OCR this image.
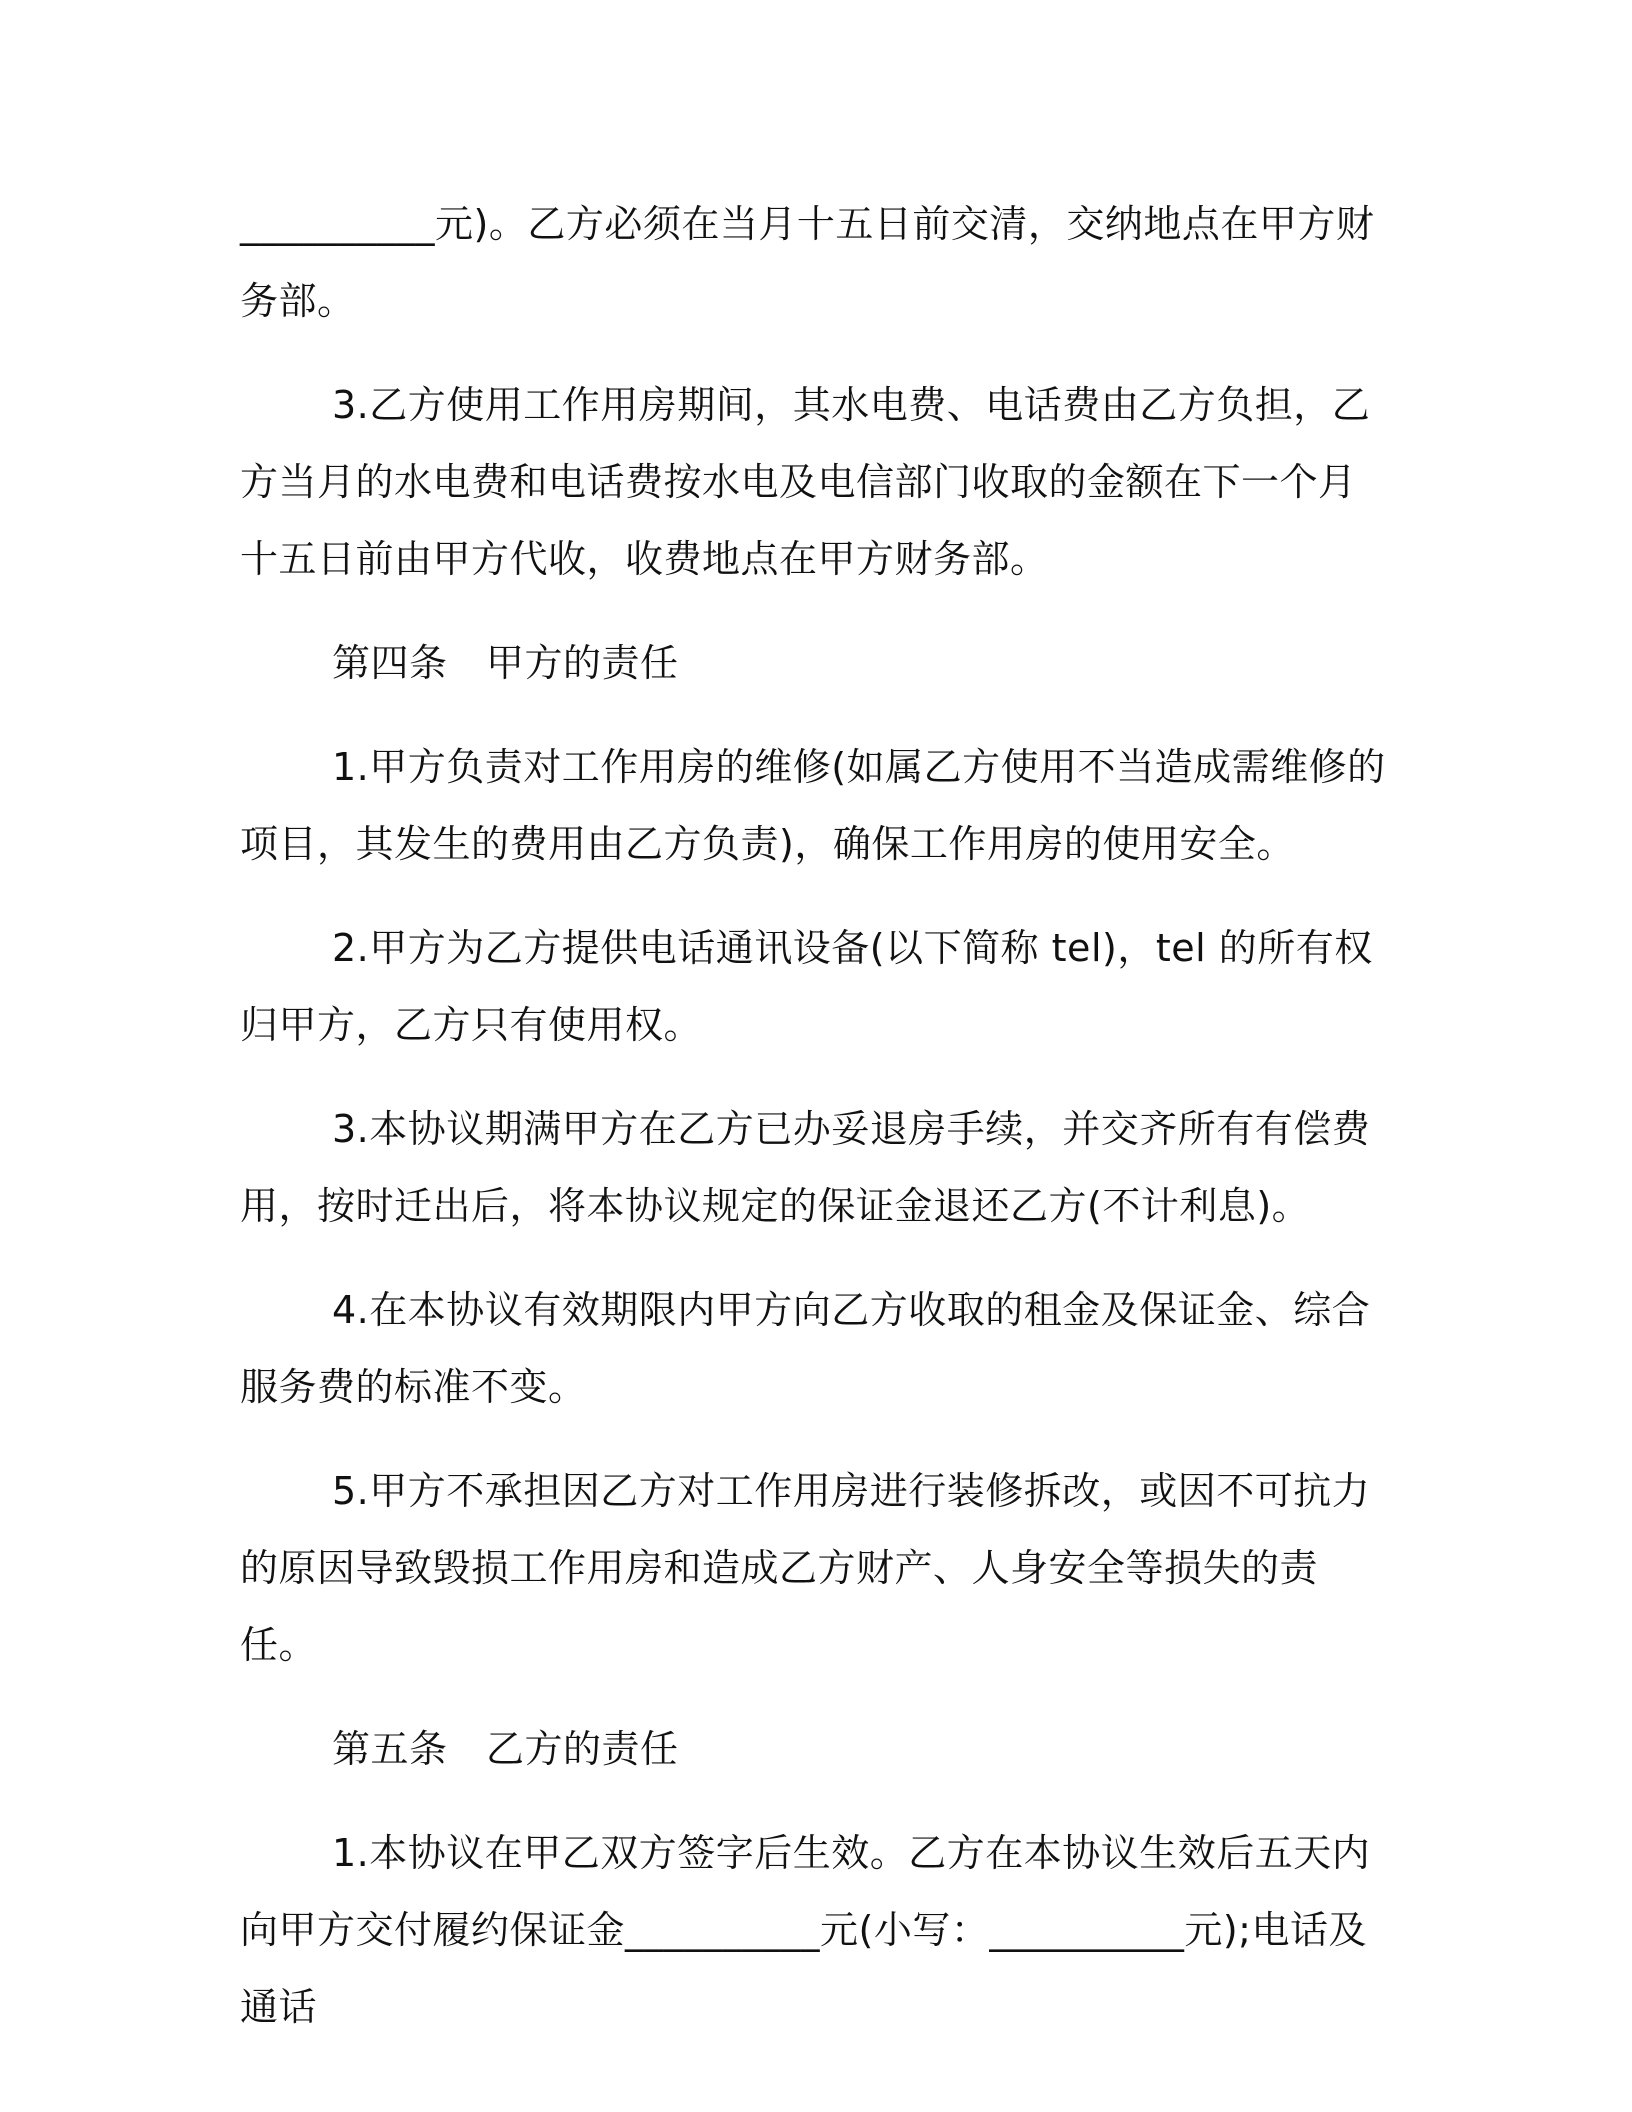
__________元)。乙方必须在当月十五日前交清，交纳地点在甲方财务部。

3.乙方使用工作用房期间，其水电费、电话费由乙方负担，乙方当月的水电费和电话费按水电及电信部门收取的金额在下一个月十五日前由甲方代收，收费地点在甲方财务部。

第四条　甲方的责任

1.甲方负责对工作用房的维修(如属乙方使用不当造成需维修的项目，其发生的费用由乙方负责)，确保工作用房的使用安全。

2.甲方为乙方提供电话通讯设备(以下简称 tel)，tel 的所有权归甲方，乙方只有使用权。

3.本协议期满甲方在乙方已办妥退房手续，并交齐所有有偿费用，按时迁出后，将本协议规定的保证金退还乙方(不计利息)。

4.在本协议有效期限内甲方向乙方收取的租金及保证金、综合服务费的标准不变。

5.甲方不承担因乙方对工作用房进行装修拆改，或因不可抗力的原因导致毁损工作用房和造成乙方财产、人身安全等损失的责任。

第五条　乙方的责任

1.本协议在甲乙双方签字后生效。乙方在本协议生效后五天内向甲方交付履约保证金__________元(小写：__________元);电话及通话
